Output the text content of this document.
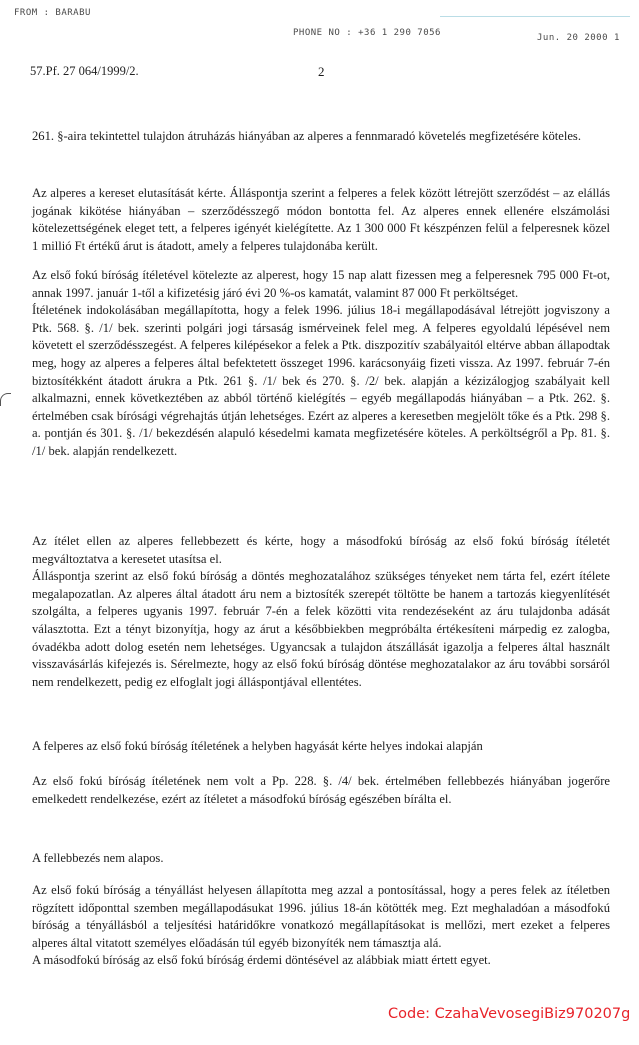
FROM : BARABU
PHONE NO : +36 1 290 7056	Jun. 20 2000 1
57.Pf. 27 064/1999/2.	2

261. §-aira tekintettel tulajdon átruházás hiányában az alperes a fennmaradó követelés megfizetésére köteles.

Az alperes a kereset elutasítását kérte. Álláspontja szerint a felperes a felek között létrejött szerződést – az elállás jogának kikötése hiányában – szerződésszegő módon bontotta fel. Az alperes ennek ellenére elszámolási kötelezettségének eleget tett, a felperes igényét kielégítette. Az 1 300 000 Ft készpénzen felül a felperesnek közel 1 millió Ft értékű árut is átadott, amely a felperes tulajdonába került.

Az első fokú bíróság ítéletével kötelezte az alperest, hogy 15 nap alatt fizessen meg a felperesnek 795 000 Ft-ot, annak 1997. január 1-től a kifizetésig járó évi 20 %-os kamatát, valamint 87 000 Ft perköltséget.
Ítéletének indokolásában megállapította, hogy a felek 1996. július 18-i megállapodásával létrejött jogviszony a Ptk. 568. §. /1/ bek. szerinti polgári jogi társaság ismérveinek felel meg. A felperes egyoldalú lépésével nem követett el szerződésszegést. A felperes kilépésekor a felek a Ptk. diszpozitív szabályaitól eltérve abban állapodtak meg, hogy az alperes a felperes által befektetett összeget 1996. karácsonyáig fizeti vissza. Az 1997. február 7-én biztosítékként átadott árukra a Ptk. 261 §. /1/ bek és 270. §. /2/ bek. alapján a kézizálogjog szabályait kell alkalmazni, ennek következtében az abból történő kielégítés – egyéb megállapodás hiányában – a Ptk. 262. §. értelmében csak bírósági végrehajtás útján lehetséges. Ezért az alperes a keresetben megjelölt tőke és a Ptk. 298 §. a. pontján és 301. §. /1/ bekezdésén alapuló késedelmi kamata megfizetésére köteles. A perköltségről a Pp. 81. §. /1/ bek. alapján rendelkezett.

Az ítélet ellen az alperes fellebbezett és kérte, hogy a másodfokú bíróság az első fokú bíróság ítéletét megváltoztatva a keresetet utasítsa el.
Álláspontja szerint az első fokú bíróság a döntés meghozatalához szükséges tényeket nem tárta fel, ezért ítélete megalapozatlan. Az alperes által átadott áru nem a biztosíték szerepét töltötte be hanem a tartozás kiegyenlítését szolgálta, a felperes ugyanis 1997. február 7-én a felek közötti vita rendezéseként az áru tulajdonba adását választotta. Ezt a tényt bizonyítja, hogy az árut a későbbiekben megpróbálta értékesíteni márpedig ez zalogba, óvadékba adott dolog esetén nem lehetséges. Ugyancsak a tulajdon átszállását igazolja a felperes által használt visszavásárlás kifejezés is. Sérelmezte, hogy az első fokú bíróság döntése meghozatalakor az áru további sorsáról nem rendelkezett, pedig ez elfoglalt jogi álláspontjával ellentétes.

A felperes az első fokú bíróság ítéletének a helyben hagyását kérte helyes indokai alapján

Az első fokú bíróság ítéletének nem volt a Pp. 228. §. /4/ bek. értelmében fellebbezés hiányában jogerőre emelkedett rendelkezése, ezért az ítéletet a másodfokú bíróság egészében bírálta el.

A fellebbezés nem alapos.

Az első fokú bíróság a tényállást helyesen állapította meg azzal a pontosítással, hogy a peres felek az ítéletben rögzített időponttal szemben megállapodásukat 1996. július 18-án kötötték meg. Ezt meghaladóan a másodfokú bíróság a tényállásból a teljesítési határidőkre vonatkozó megállapításokat is mellőzi, mert ezeket a felperes alperes által vitatott személyes előadásán túl egyéb bizonyíték nem támasztja alá.
A másodfokú bíróság az első fokú bíróság érdemi döntésével az alábbiak miatt értett egyet.

Code: CzahaVevosegiBiz970207g
